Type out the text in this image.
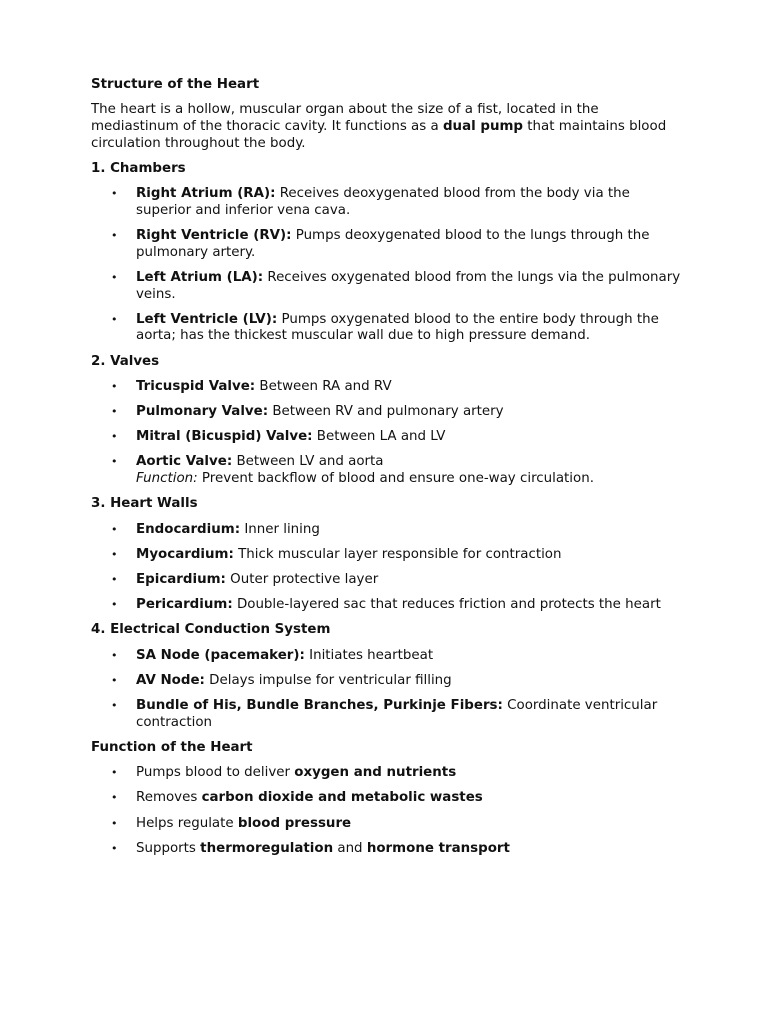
Structure of the Heart
The heart is a hollow, muscular organ about the size of a fist, located in the mediastinum of the thoracic cavity. It functions as a dual pump that maintains blood circulation throughout the body.
1. Chambers
• Right Atrium (RA): Receives deoxygenated blood from the body via the superior and inferior vena cava.
• Right Ventricle (RV): Pumps deoxygenated blood to the lungs through the pulmonary artery.
• Left Atrium (LA): Receives oxygenated blood from the lungs via the pulmonary veins.
• Left Ventricle (LV): Pumps oxygenated blood to the entire body through the aorta; has the thickest muscular wall due to high pressure demand.
2. Valves
• Tricuspid Valve: Between RA and RV
• Pulmonary Valve: Between RV and pulmonary artery
• Mitral (Bicuspid) Valve: Between LA and LV
• Aortic Valve: Between LV and aorta
Function: Prevent backflow of blood and ensure one-way circulation.
3. Heart Walls
• Endocardium: Inner lining
• Myocardium: Thick muscular layer responsible for contraction
• Epicardium: Outer protective layer
• Pericardium: Double-layered sac that reduces friction and protects the heart
4. Electrical Conduction System
• SA Node (pacemaker): Initiates heartbeat
• AV Node: Delays impulse for ventricular filling
• Bundle of His, Bundle Branches, Purkinje Fibers: Coordinate ventricular contraction
Function of the Heart
• Pumps blood to deliver oxygen and nutrients
• Removes carbon dioxide and metabolic wastes
• Helps regulate blood pressure
• Supports thermoregulation and hormone transport
